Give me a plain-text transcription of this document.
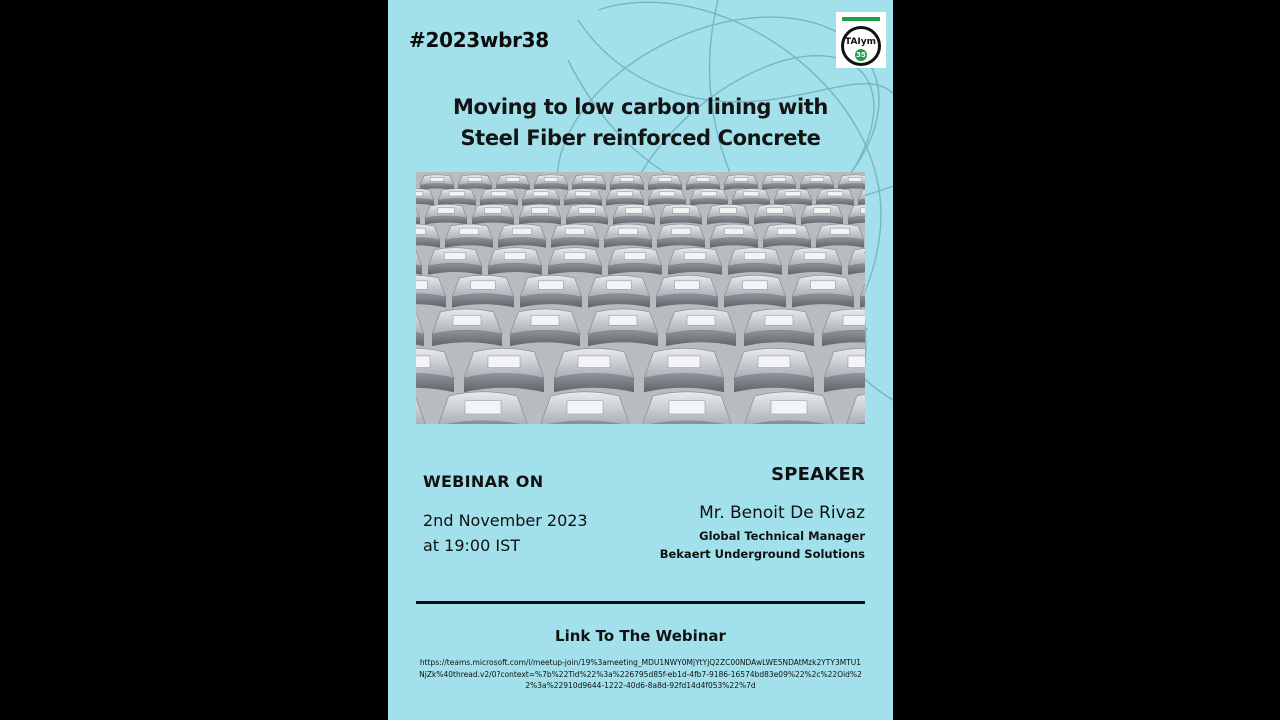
#2023wbr38	TAIym
35
Moving to low carbon lining with
Steel Fiber reinforced Concrete
WEBINAR ON
2nd November 2023
at 19:00 IST
SPEAKER
Mr. Benoit De Rivaz
Global Technical Manager
Bekaert Underground Solutions
Link To The Webinar
https://teams.microsoft.com/l/meetup-join/19%3ameeting_MDU1NWY0MjYtYjQ2ZC00NDAwLWE5NDAtMzk2YTY3MTU1NjZk%40thread.v2/0?context=%7b%22Tid%22%3a%226795d85f-eb1d-4fb7-9186-16574bd83e09%22%2c%22Oid%22%3a%22910d9644-1222-40d6-8a8d-92fd14d4f053%22%7d
